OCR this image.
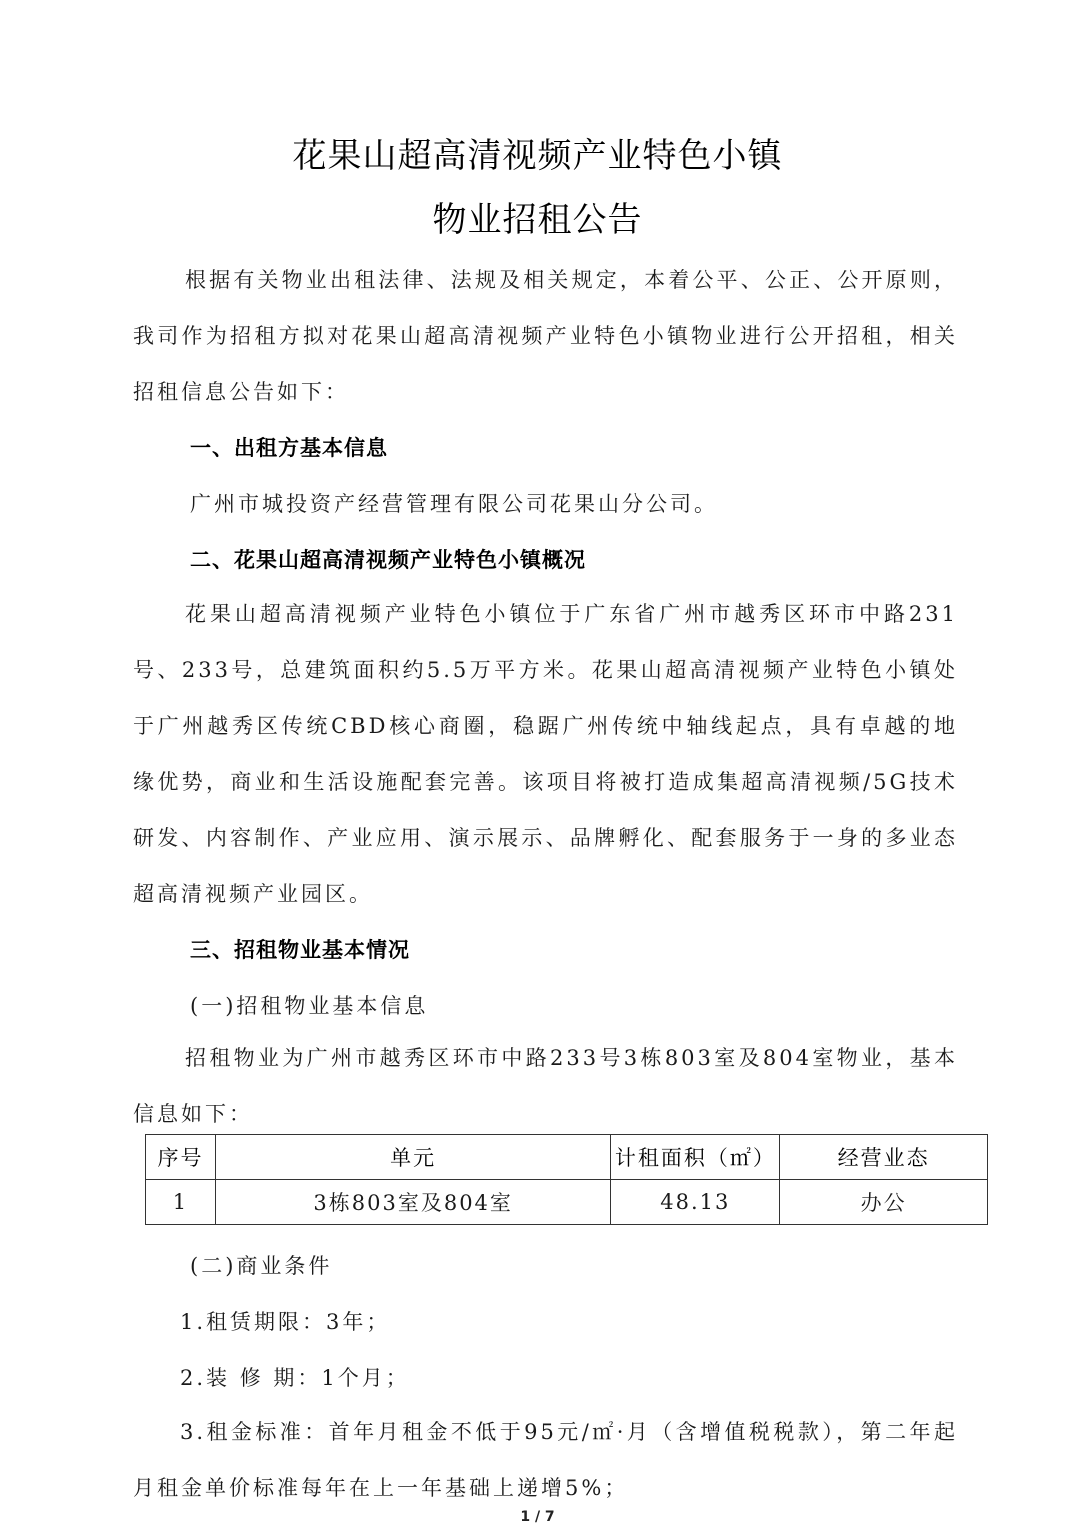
花果山超高清视频产业特色小镇
物业招租公告

根据有关物业出租法律、法规及相关规定，本着公平、公正、公开原则，我司作为招租方拟对花果山超高清视频产业特色小镇物业进行公开招租，相关招租信息公告如下：

一、出租方基本信息
广州市城投资产经营管理有限公司花果山分公司。
二、花果山超高清视频产业特色小镇概况

花果山超高清视频产业特色小镇位于广东省广州市越秀区环市中路231号、233号，总建筑面积约5.5万平方米。花果山超高清视频产业特色小镇处于广州越秀区传统CBD核心商圈，稳踞广州传统中轴线起点，具有卓越的地缘优势，商业和生活设施配套完善。该项目将被打造成集超高清视频/5G技术研发、内容制作、产业应用、演示展示、品牌孵化、配套服务于一身的多业态超高清视频产业园区。

三、招租物业基本情况
(一)招租物业基本信息

招租物业为广州市越秀区环市中路233号3栋803室及804室物业，基本信息如下：

序号	单元	计租面积（㎡）	经营业态
1	3栋803室及804室	48.13	办公
(二)商业条件
1.租赁期限：3年；
2.装 修 期：1个月；

3.租金标准：首年月租金不低于95元/㎡·月（含增值税税款），第二年起月租金单价标准每年在上一年基础上递增5%；

1 / 7
